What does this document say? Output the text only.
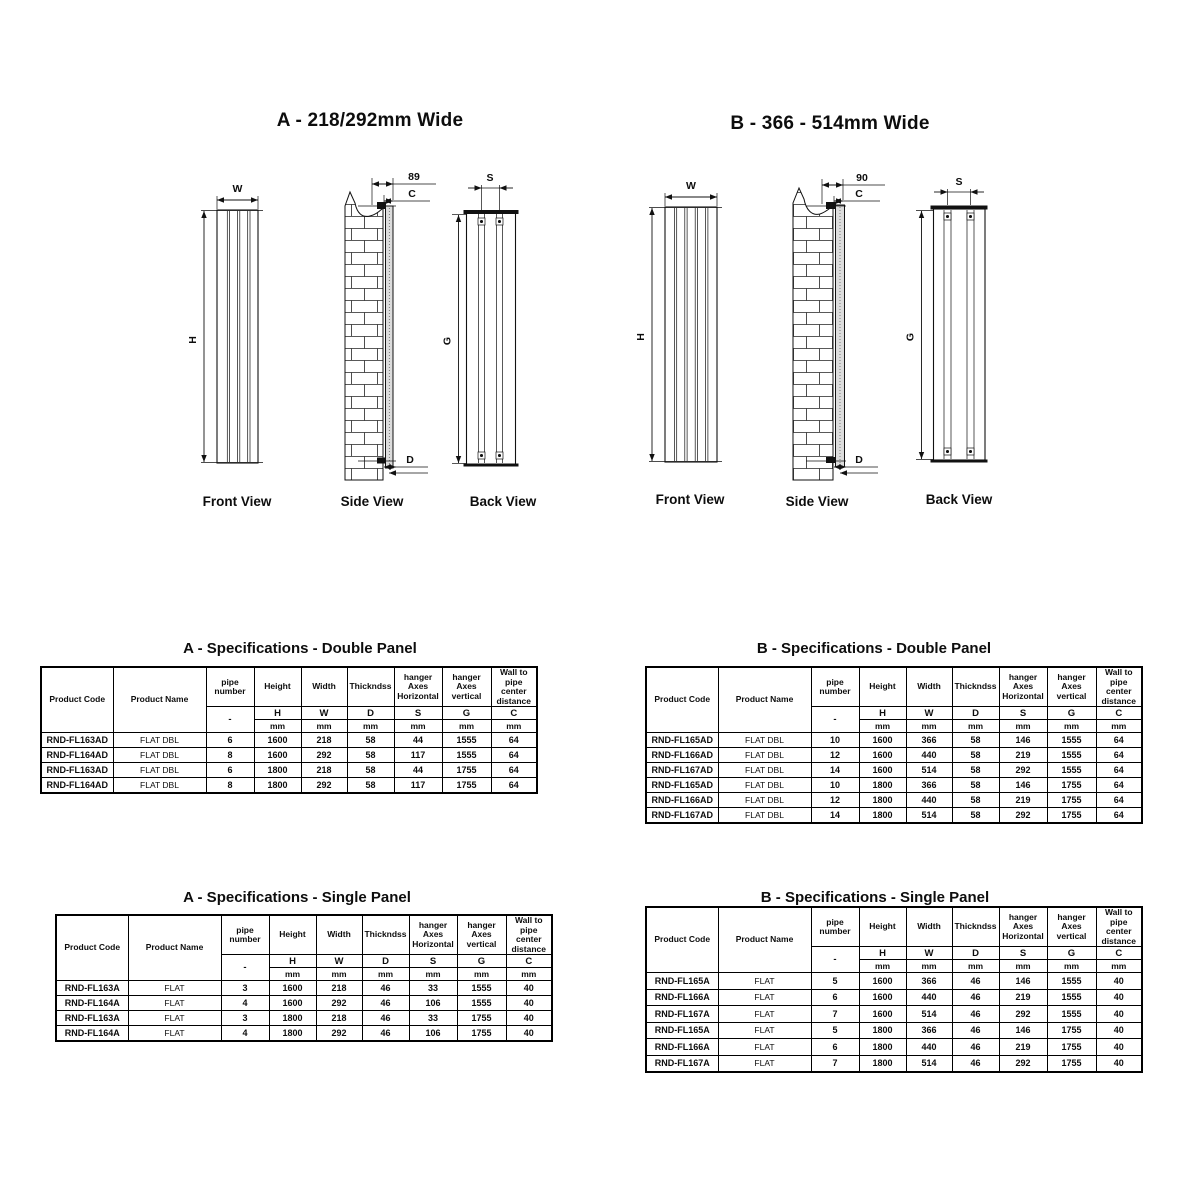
A - 218/292mm Wide	B - 366 - 514mm Wide
W
H
Front View
89
C
D
Side View
S
G
Back View
W
H
Front View
90
C
D
Side View
S
G
Back View
A - Specifications - Double Panel	B - Specifications - Double Panel
A - Specifications - Single Panel	B - Specifications - Single Panel
Product Code	Product Name	pipe number	Height	Width	Thickndss	hanger Axes Horizontal	hanger Axes vertical	Wall to pipe center distance
		-	H	W	D	S	G	C
			mm	mm	mm	mm	mm	mm
RND-FL163AD	FLAT DBL	6	1600	218	58	44	1555	64
RND-FL164AD	FLAT DBL	8	1600	292	58	117	1555	64
RND-FL163AD	FLAT DBL	6	1800	218	58	44	1755	64
RND-FL164AD	FLAT DBL	8	1800	292	58	117	1755	64
Product Code	Product Name	pipe number	Height	Width	Thickndss	hanger Axes Horizontal	hanger Axes vertical	Wall to pipe center distance
		-	H	W	D	S	G	C
			mm	mm	mm	mm	mm	mm
RND-FL165AD	FLAT DBL	10	1600	366	58	146	1555	64
RND-FL166AD	FLAT DBL	12	1600	440	58	219	1555	64
RND-FL167AD	FLAT DBL	14	1600	514	58	292	1555	64
RND-FL165AD	FLAT DBL	10	1800	366	58	146	1755	64
RND-FL166AD	FLAT DBL	12	1800	440	58	219	1755	64
RND-FL167AD	FLAT DBL	14	1800	514	58	292	1755	64
Product Code	Product Name	pipe number	Height	Width	Thickndss	hanger Axes Horizontal	hanger Axes vertical	Wall to pipe center distance
		-	H	W	D	S	G	C
			mm	mm	mm	mm	mm	mm
RND-FL163A	FLAT	3	1600	218	46	33	1555	40
RND-FL164A	FLAT	4	1600	292	46	106	1555	40
RND-FL163A	FLAT	3	1800	218	46	33	1755	40
RND-FL164A	FLAT	4	1800	292	46	106	1755	40
Product Code	Product Name	pipe number	Height	Width	Thickndss	hanger Axes Horizontal	hanger Axes vertical	Wall to pipe center distance
		-	H	W	D	S	G	C
			mm	mm	mm	mm	mm	mm
RND-FL165A	FLAT	5	1600	366	46	146	1555	40
RND-FL166A	FLAT	6	1600	440	46	219	1555	40
RND-FL167A	FLAT	7	1600	514	46	292	1555	40
RND-FL165A	FLAT	5	1800	366	46	146	1755	40
RND-FL166A	FLAT	6	1800	440	46	219	1755	40
RND-FL167A	FLAT	7	1800	514	46	292	1755	40
